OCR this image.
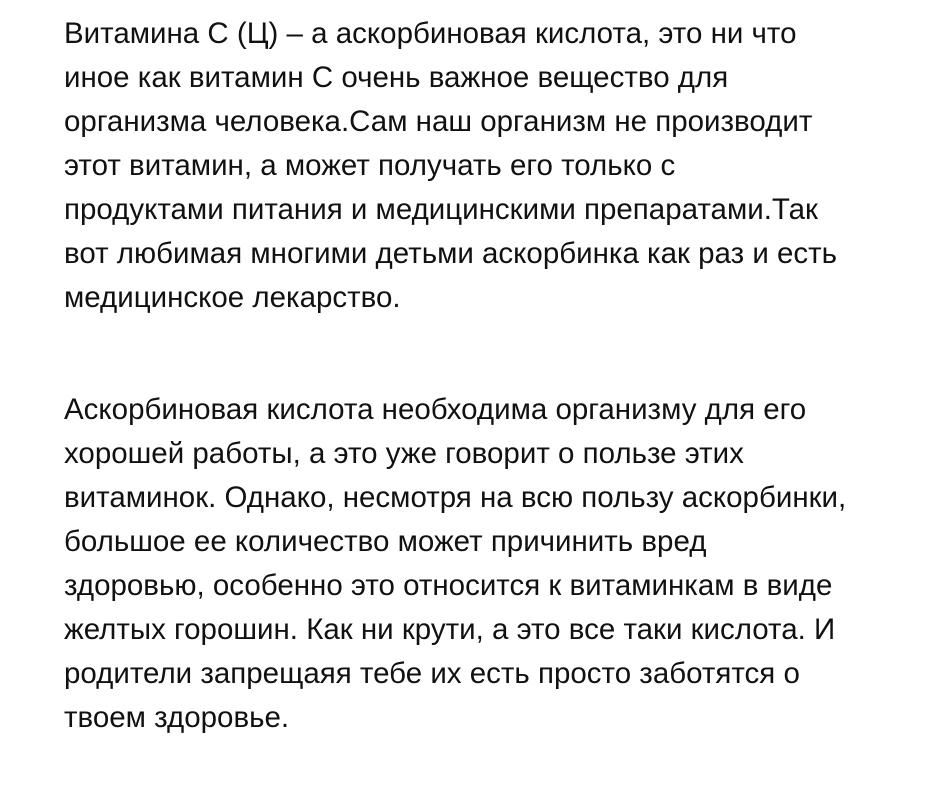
Витамина С (Ц) – а аскорбиновая кислота, это ни что
иное как витамин С очень важное вещество для
организма человека.Сам наш организм не производит
этот витамин, а может получать его только с
продуктами питания и медицинскими препаратами.Так
вот любимая многими детьми аскорбинка как раз и есть
медицинское лекарство.

Аскорбиновая кислота необходима организму для его
хорошей работы, а это уже говорит о пользе этих
витаминок. Однако, несмотря на всю пользу аскорбинки,
большое ее количество может причинить вред
здоровью, особенно это относится к витаминкам в виде
желтых горошин. Как ни крути, а это все таки кислота. И
родители запрещаяя тебе их есть просто заботятся о
твоем здоровье.
